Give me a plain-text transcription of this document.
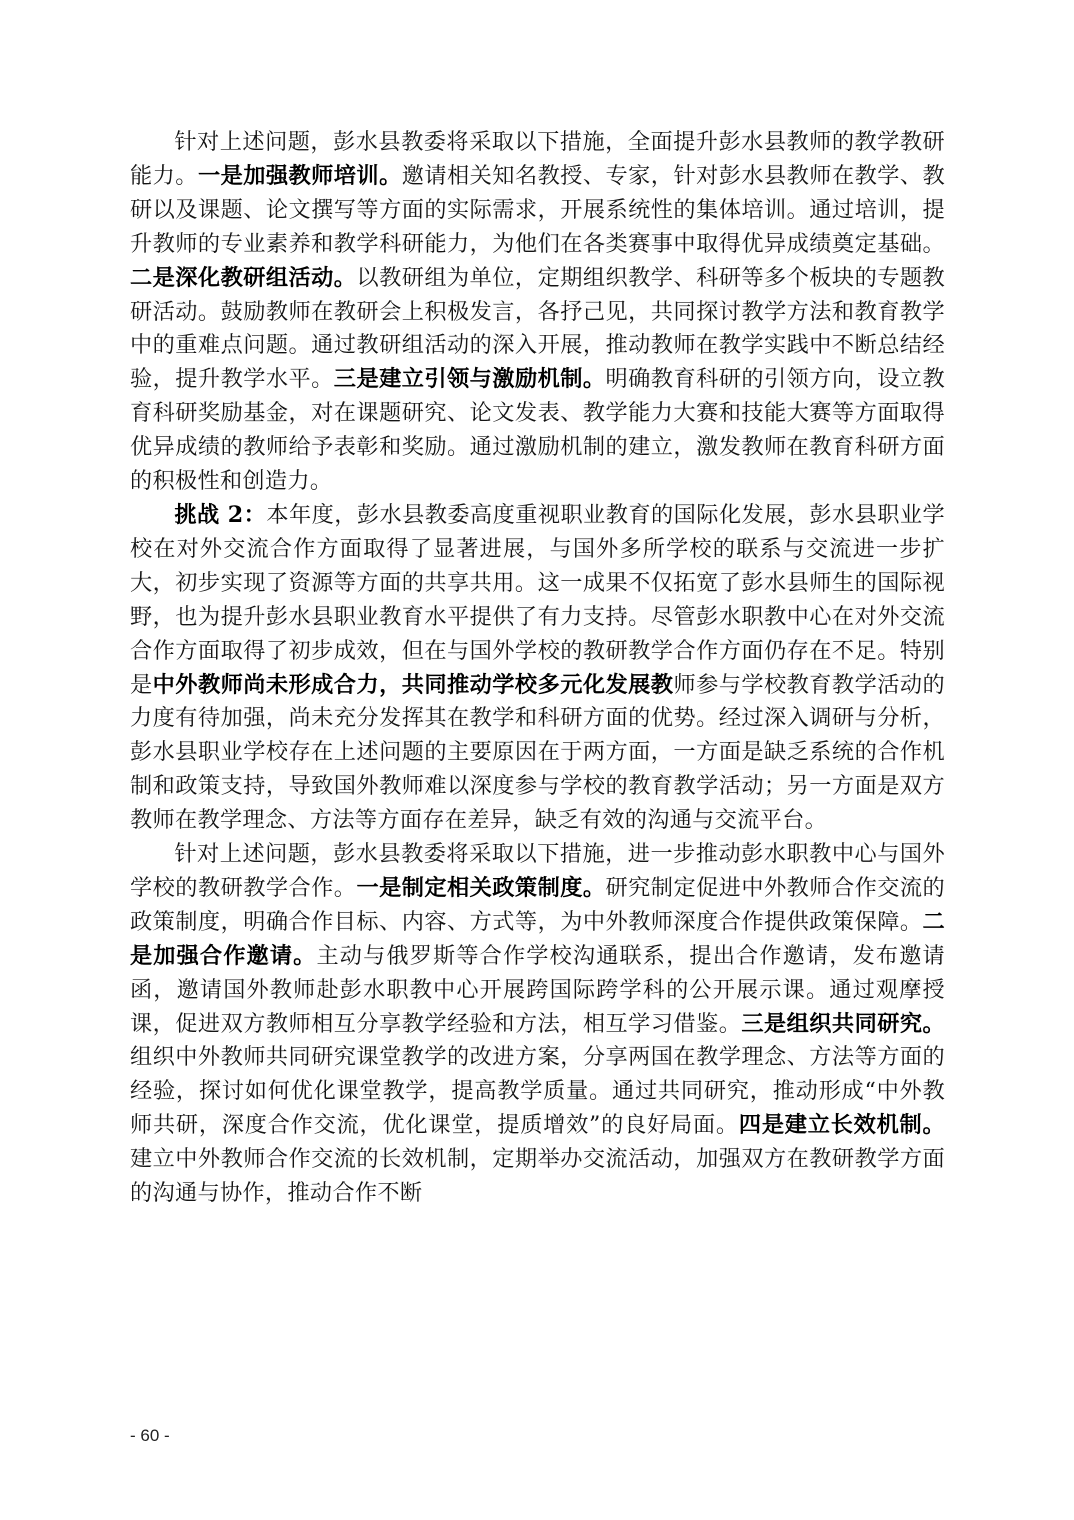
针对上述问题，彭水县教委将采取以下措施，全面提升彭水县教师的教学教研能力。一是加强教师培训。邀请相关知名教授、专家，针对彭水县教师在教学、教研以及课题、论文撰写等方面的实际需求，开展系统性的集体培训。通过培训，提升教师的专业素养和教学科研能力，为他们在各类赛事中取得优异成绩奠定基础。二是深化教研组活动。以教研组为单位，定期组织教学、科研等多个板块的专题教研活动。鼓励教师在教研会上积极发言，各抒己见，共同探讨教学方法和教育教学中的重难点问题。通过教研组活动的深入开展，推动教师在教学实践中不断总结经验，提升教学水平。三是建立引领与激励机制。明确教育科研的引领方向，设立教育科研奖励基金，对在课题研究、论文发表、教学能力大赛和技能大赛等方面取得优异成绩的教师给予表彰和奖励。通过激励机制的建立，激发教师在教育科研方面的积极性和创造力。

挑战 2：本年度，彭水县教委高度重视职业教育的国际化发展，彭水县职业学校在对外交流合作方面取得了显著进展，与国外多所学校的联系与交流进一步扩大，初步实现了资源等方面的共享共用。这一成果不仅拓宽了彭水县师生的国际视野，也为提升彭水县职业教育水平提供了有力支持。尽管彭水职教中心在对外交流合作方面取得了初步成效，但在与国外学校的教研教学合作方面仍存在不足。特别是中外教师尚未形成合力，共同推动学校多元化发展教师参与学校教育教学活动的力度有待加强，尚未充分发挥其在教学和科研方面的优势。经过深入调研与分析，彭水县职业学校存在上述问题的主要原因在于两方面，一方面是缺乏系统的合作机制和政策支持，导致国外教师难以深度参与学校的教育教学活动；另一方面是双方教师在教学理念、方法等方面存在差异，缺乏有效的沟通与交流平台。

针对上述问题，彭水县教委将采取以下措施，进一步推动彭水职教中心与国外学校的教研教学合作。一是制定相关政策制度。研究制定促进中外教师合作交流的政策制度，明确合作目标、内容、方式等，为中外教师深度合作提供政策保障。二是加强合作邀请。主动与俄罗斯等合作学校沟通联系，提出合作邀请，发布邀请函，邀请国外教师赴彭水职教中心开展跨国际跨学科的公开展示课。通过观摩授课，促进双方教师相互分享教学经验和方法，相互学习借鉴。三是组织共同研究。组织中外教师共同研究课堂教学的改进方案，分享两国在教学理念、方法等方面的经验，探讨如何优化课堂教学，提高教学质量。通过共同研究，推动形成“中外教师共研，深度合作交流，优化课堂，提质增效”的良好局面。四是建立长效机制。建立中外教师合作交流的长效机制，定期举办交流活动，加强双方在教研教学方面的沟通与协作，推动合作不断

- 60 -
